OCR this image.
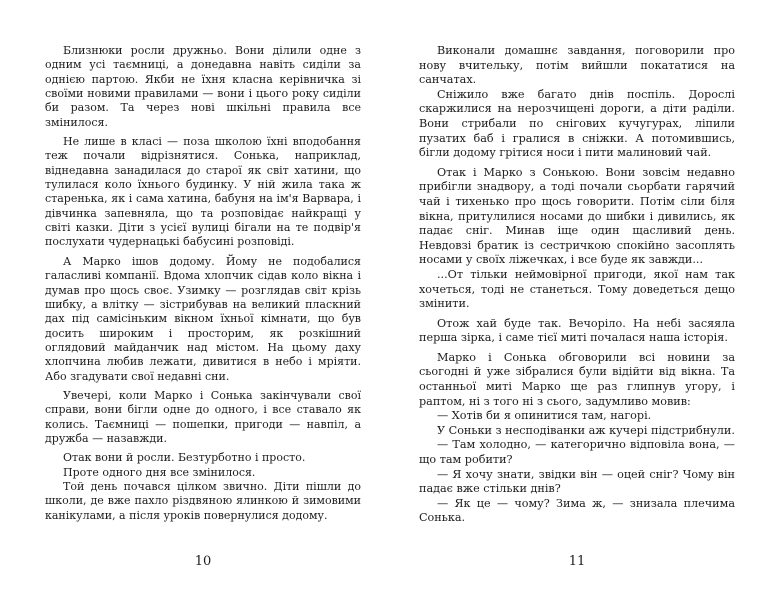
Близнюки росли дружньо. Вони ділили одне з одним усі таємниці, а донедавна навіть сиділи за однією партою. Якби не їхня класна керівничка зі своїми новими правилами — вони і цього року сиділи би разом. Та через нові шкільні правила все змінилося.

Не лише в класі — поза школою їхні вподобання теж почали відрізнятися. Сонька, наприклад, віднедавна занадилася до старої як світ хатини, що тулилася коло їхнього будинку. У ній жила така ж старенька, як і сама хатина, бабуня на ім'я Варвара, і дівчинка запевняла, що та розповідає найкращі у світі казки. Діти з усієї вулиці бігали на те подвір'я послухати чудернацькі бабусині розповіді.

А Марко ішов додому. Йому не подобалися галасливі компанії. Вдома хлопчик сідав коло вікна і думав про щось своє. Узимку — розглядав світ крізь шибку, а влітку — зістрибував на великий пласкний дах під самісіньким вікном їхньої кімнати, що був досить широким і просторим, як розкішний оглядовий майданчик над містом. На цьому даху хлопчина любив лежати, дивитися в небо і мріяти. Або згадувати свої недавні сни.

Увечері, коли Марко і Сонька закінчували свої справи, вони бігли одне до одного, і все ставало як колись. Таємниці — пошепки, пригоди — навпіл, а дружба — назавжди.

Отак вони й росли. Безтурботно і просто.

Проте одного дня все змінилося.

Той день почався цілком звично. Діти пішли до школи, де вже пахло різдвяною ялинкою й зимовими канікулами, а після уроків повернулися додому.

10

Виконали домашнє завдання, поговорили про нову вчительку, потім вийшли покататися на санчатах.

Сніжило вже багато днів поспіль. Дорослі скаржилися на нерозчищені дороги, а діти раділи. Вони стрибали по снігових кучугурах, ліпили пузатих баб і гралися в сніжки. А потомившись, бігли додому грітися носи і пити малиновий чай.

Отак і Марко з Сонькою. Вони зовсім недавно прибігли знадвору, а тоді почали сьорбати гарячий чай і тихенько про щось говорити. Потім сіли біля вікна, притулилися носами до шибки і дивились, як падає сніг. Минав іще один щасливий день. Невдовзі братик із сестричкою спокійно засоплять носами у своїх ліжечках, і все буде як завжди...

...От тільки неймовірної пригоди, якої нам так хочеться, тоді не станеться. Тому доведеться дещо змінити.

Отож хай буде так. Вечоріло. На небі засяяла перша зірка, і саме тієї миті почалася наша історія.

Марко і Сонька обговорили всі новини за сьогодні й уже зібралися були відійти від вікна. Та останньої миті Марко ще раз глипнув угору, і раптом, ні з того ні з сього, задумливо мовив:

— Хотів би я опинитися там, нагорі.

У Соньки з несподіванки аж кучері підстрибнули.

— Там холодно, — категорично відповіла вона, — що там робити?

— Я хочу знати, звідки він — оцей сніг? Чому він падає вже стільки днів?

— Як це — чому? Зима ж, — знизала плечима Сонька.

11
